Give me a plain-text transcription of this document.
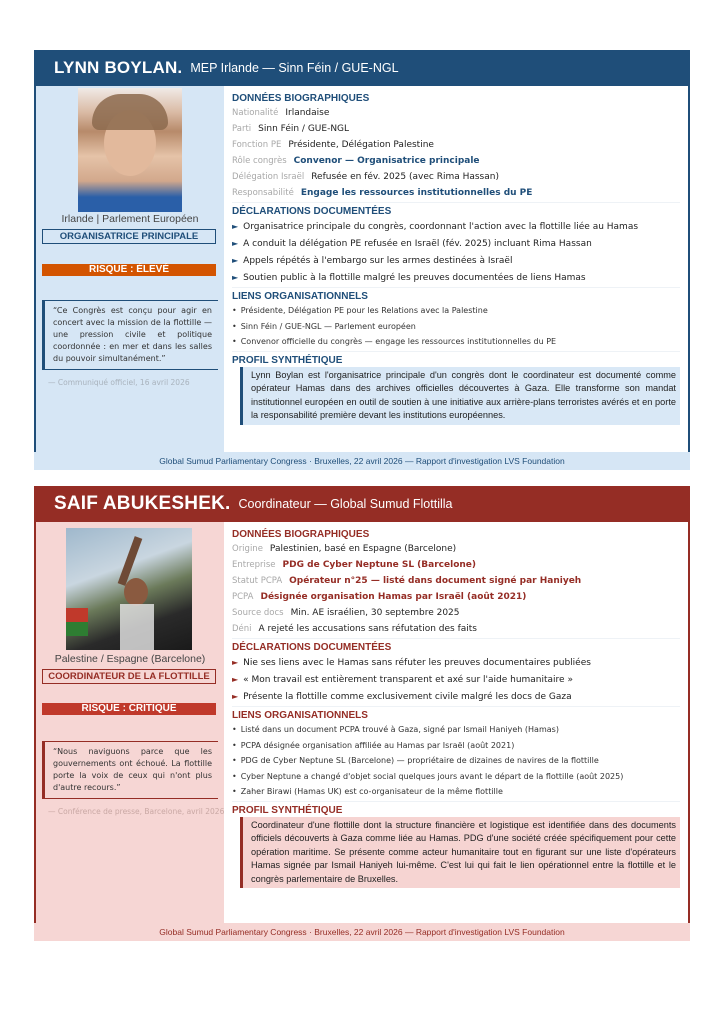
LYNN BOYLAN. MEP Irlande — Sinn Féin / GUE-NGL
Irlande | Parlement Européen
ORGANISATRICE PRINCIPALE
RISQUE : ÉLEVÉ
“Ce Congrès est conçu pour agir en concert avec la mission de la flottille — une pression civile et politique coordonnée : en mer et dans les salles du pouvoir simultanément.”
— Communiqué officiel, 16 avril 2026
DONNÉES BIOGRAPHIQUES
Nationalité Irlandaise
Parti Sinn Féin / GUE-NGL
Fonction PE Présidente, Délégation Palestine
Rôle congrès Convenor — Organisatrice principale
Délégation Israël Refusée en fév. 2025 (avec Rima Hassan)
Responsabilité Engage les ressources institutionnelles du PE
DÉCLARATIONS DOCUMENTÉES
► Organisatrice principale du congrès, coordonnant l'action avec la flottille liée au Hamas
► A conduit la délégation PE refusée en Israël (fév. 2025) incluant Rima Hassan
► Appels répétés à l'embargo sur les armes destinées à Israël
► Soutien public à la flottille malgré les preuves documentées de liens Hamas
LIENS ORGANISATIONNELS
• Présidente, Délégation PE pour les Relations avec la Palestine
• Sinn Féin / GUE-NGL — Parlement européen
• Convenor officielle du congrès — engage les ressources institutionnelles du PE
PROFIL SYNTHÉTIQUE
Lynn Boylan est l'organisatrice principale d'un congrès dont le coordinateur est documenté comme opérateur Hamas dans des archives officielles découvertes à Gaza. Elle transforme son mandat institutionnel européen en outil de soutien à une initiative aux arrière-plans terroristes avérés et en porte la responsabilité première devant les institutions européennes.
Global Sumud Parliamentary Congress · Bruxelles, 22 avril 2026 — Rapport d'investigation LVS Foundation
SAIF ABUKESHEK. Coordinateur — Global Sumud Flottilla
Palestine / Espagne (Barcelone)
COORDINATEUR DE LA FLOTTILLE
RISQUE : CRITIQUE
“Nous naviguons parce que les gouvernements ont échoué. La flottille porte la voix de ceux qui n'ont plus d'autre recours.”
— Conférence de presse, Barcelone, avril 2026
DONNÉES BIOGRAPHIQUES
Origine Palestinien, basé en Espagne (Barcelone)
Entreprise PDG de Cyber Neptune SL (Barcelone)
Statut PCPA Opérateur n°25 — listé dans document signé par Haniyeh
PCPA Désignée organisation Hamas par Israël (août 2021)
Source docs Min. AE israélien, 30 septembre 2025
Déni A rejeté les accusations sans réfutation des faits
DÉCLARATIONS DOCUMENTÉES
► Nie ses liens avec le Hamas sans réfuter les preuves documentaires publiées
► « Mon travail est entièrement transparent et axé sur l'aide humanitaire »
► Présente la flottille comme exclusivement civile malgré les docs de Gaza
LIENS ORGANISATIONNELS
• Listé dans un document PCPA trouvé à Gaza, signé par Ismail Haniyeh (Hamas)
• PCPA désignée organisation affiliée au Hamas par Israël (août 2021)
• PDG de Cyber Neptune SL (Barcelone) — propriétaire de dizaines de navires de la flottille
• Cyber Neptune a changé d'objet social quelques jours avant le départ de la flottille (août 2025)
• Zaher Birawi (Hamas UK) est co-organisateur de la même flottille
PROFIL SYNTHÉTIQUE
Coordinateur d'une flottille dont la structure financière et logistique est identifiée dans des documents officiels découverts à Gaza comme liée au Hamas. PDG d'une société créée spécifiquement pour cette opération maritime. Se présente comme acteur humanitaire tout en figurant sur une liste d'opérateurs Hamas signée par Ismail Haniyeh lui-même. C'est lui qui fait le lien opérationnel entre la flottille et le congrès parlementaire de Bruxelles.
Global Sumud Parliamentary Congress · Bruxelles, 22 avril 2026 — Rapport d'investigation LVS Foundation
